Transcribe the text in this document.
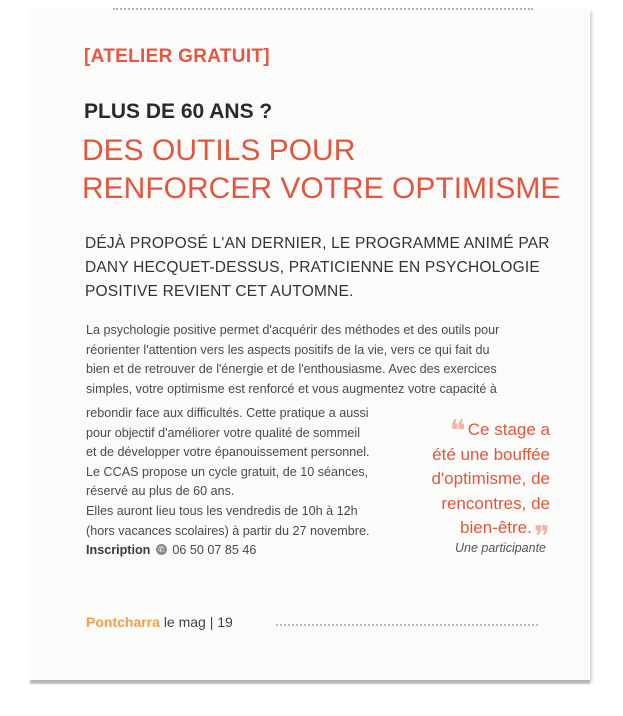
[ATELIER GRATUIT]
PLUS DE 60 ANS ?
DES OUTILS POUR
RENFORCER VOTRE OPTIMISME
DÉJÀ PROPOSÉ L'AN DERNIER, LE PROGRAMME ANIMÉ PAR
DANY HECQUET-DESSUS, PRATICIENNE EN PSYCHOLOGIE
POSITIVE REVIENT CET AUTOMNE.
La psychologie positive permet d'acquérir des méthodes et des outils pour
réorienter l'attention vers les aspects positifs de la vie, vers ce qui fait du
bien et de retrouver de l'énergie et de l'enthousiasme. Avec des exercices
simples, votre optimisme est renforcé et vous augmentez votre capacité à
rebondir face aux difficultés. Cette pratique a aussi
pour objectif d'améliorer votre qualité de sommeil
et de développer votre épanouissement personnel.
Le CCAS propose un cycle gratuit, de 10 séances,
réservé au plus de 60 ans.
Elles auront lieu tous les vendredis de 10h à 12h
(hors vacances scolaires) à partir du 27 novembre.
Inscription ✆ 06 50 07 85 46
❝ Ce stage a
été une bouffée
d'optimisme, de
rencontres, de
bien-être.❞
Une participante
Pontcharra le mag | 19
